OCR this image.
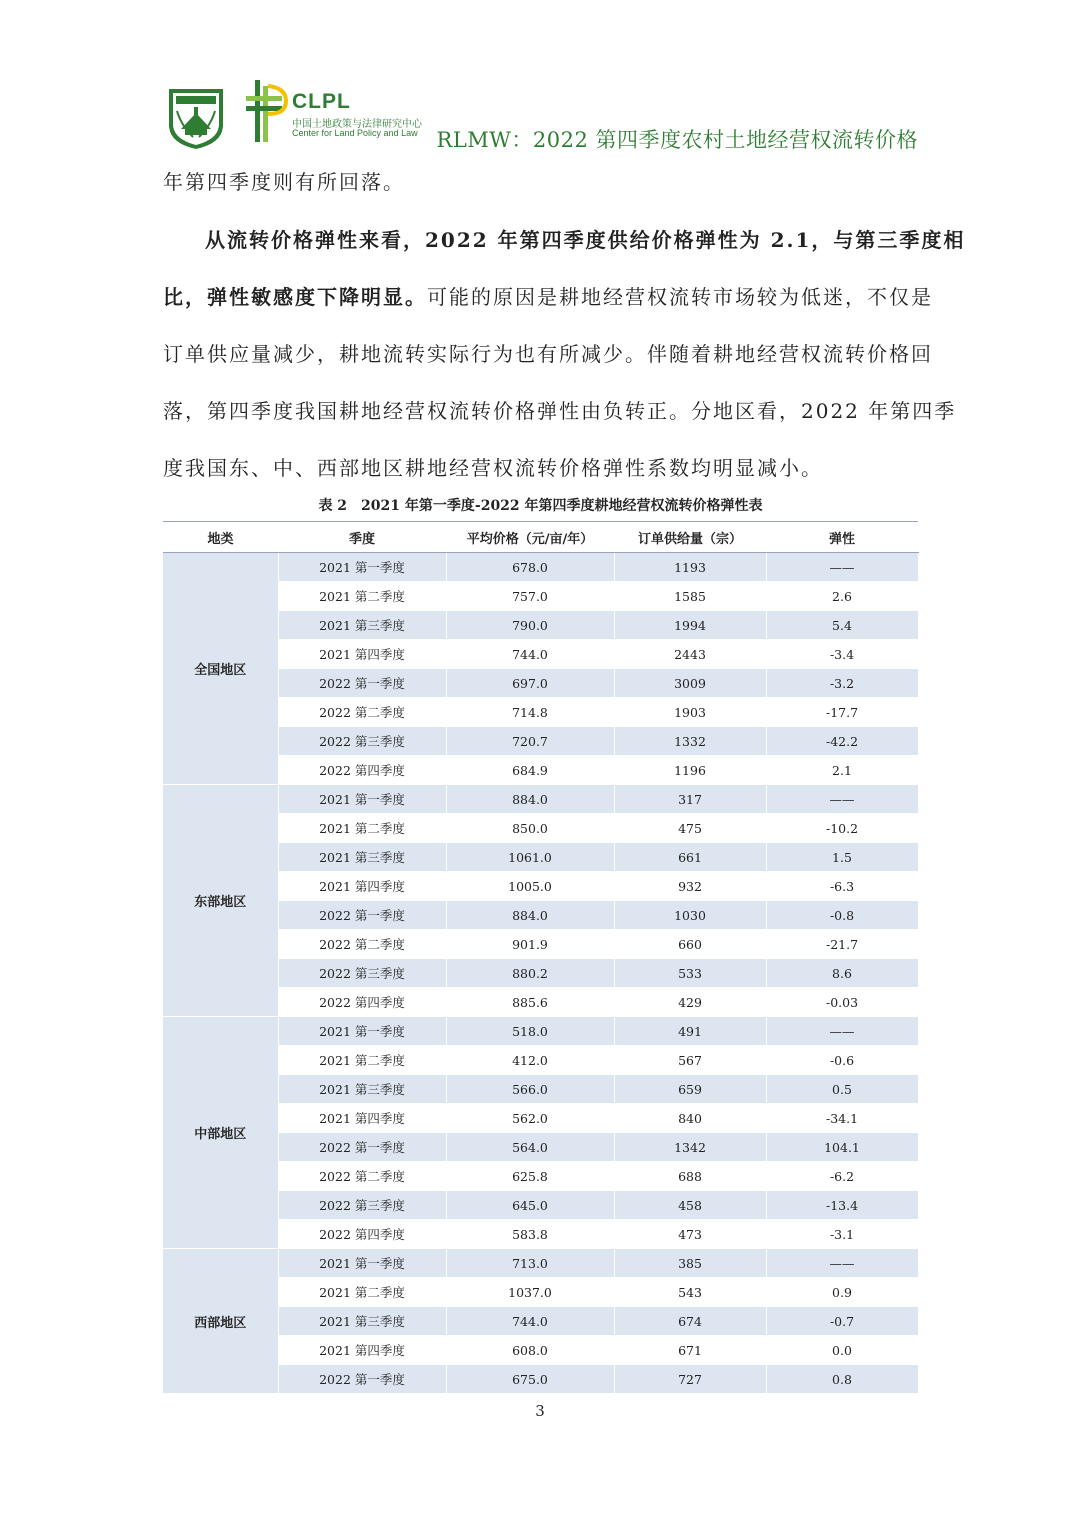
CLPL
中国土地政策与法律研究中心
Center for Land Policy and Law RLMW：2022 第四季度农村土地经营权流转价格
年第四季度则有所回落。
从流转价格弹性来看，2022 年第四季度供给价格弹性为 2.1，与第三季度相
比，弹性敏感度下降明显。可能的原因是耕地经营权流转市场较为低迷，不仅是
订单供应量减少，耕地流转实际行为也有所减少。伴随着耕地经营权流转价格回
落，第四季度我国耕地经营权流转价格弹性由负转正。分地区看，2022 年第四季
度我国东、中、西部地区耕地经营权流转价格弹性系数均明显减小。
表 2　2021 年第一季度-2022 年第四季度耕地经营权流转价格弹性表
地类	季度	平均价格（元/亩/年）	订单供给量（宗）	弹性
全国地区	2021 第一季度	678.0	1193	——
	2021 第二季度	757.0	1585	2.6
	2021 第三季度	790.0	1994	5.4
	2021 第四季度	744.0	2443	-3.4
	2022 第一季度	697.0	3009	-3.2
	2022 第二季度	714.8	1903	-17.7
	2022 第三季度	720.7	1332	-42.2
	2022 第四季度	684.9	1196	2.1
东部地区	2021 第一季度	884.0	317	——
	2021 第二季度	850.0	475	-10.2
	2021 第三季度	1061.0	661	1.5
	2021 第四季度	1005.0	932	-6.3
	2022 第一季度	884.0	1030	-0.8
	2022 第二季度	901.9	660	-21.7
	2022 第三季度	880.2	533	8.6
	2022 第四季度	885.6	429	-0.03
中部地区	2021 第一季度	518.0	491	——
	2021 第二季度	412.0	567	-0.6
	2021 第三季度	566.0	659	0.5
	2021 第四季度	562.0	840	-34.1
	2022 第一季度	564.0	1342	104.1
	2022 第二季度	625.8	688	-6.2
	2022 第三季度	645.0	458	-13.4
	2022 第四季度	583.8	473	-3.1
西部地区	2021 第一季度	713.0	385	——
	2021 第二季度	1037.0	543	0.9
	2021 第三季度	744.0	674	-0.7
	2021 第四季度	608.0	671	0.0
	2022 第一季度	675.0	727	0.8
3
